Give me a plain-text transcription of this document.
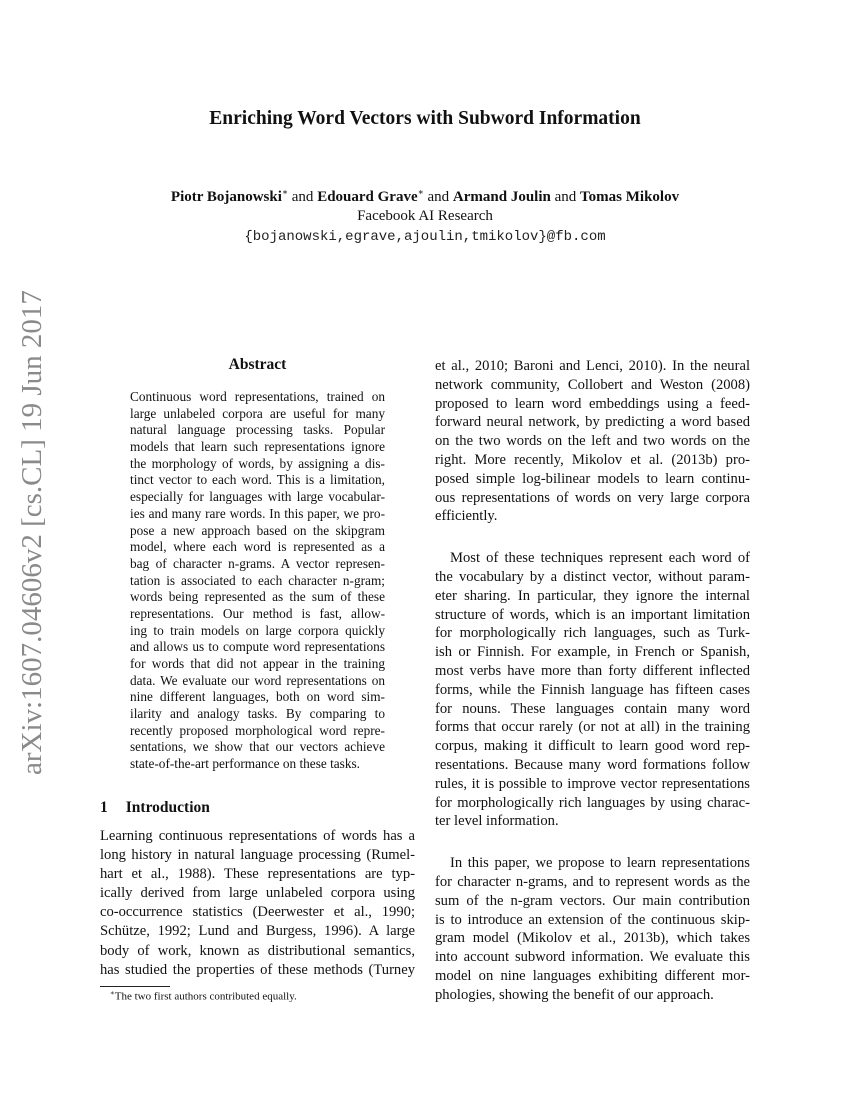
arXiv:1607.04606v2 [cs.CL] 19 Jun 2017
Enriching Word Vectors with Subword Information
Piotr Bojanowski∗ and Edouard Grave∗ and Armand Joulin and Tomas Mikolov
Facebook AI Research
{bojanowski,egrave,ajoulin,tmikolov}@fb.com
Abstract
Continuous word representations, trained on
large unlabeled corpora are useful for many
natural language processing tasks. Popular
models that learn such representations ignore
the morphology of words, by assigning a dis-
tinct vector to each word. This is a limitation,
especially for languages with large vocabular-
ies and many rare words. In this paper, we pro-
pose a new approach based on the skipgram
model, where each word is represented as a
bag of character n-grams. A vector represen-
tation is associated to each character n-gram;
words being represented as the sum of these
representations. Our method is fast, allow-
ing to train models on large corpora quickly
and allows us to compute word representations
for words that did not appear in the training
data. We evaluate our word representations on
nine different languages, both on word sim-
ilarity and analogy tasks. By comparing to
recently proposed morphological word repre-
sentations, we show that our vectors achieve
state-of-the-art performance on these tasks.
1 Introduction
Learning continuous representations of words has a
long history in natural language processing (Rumel-
hart et al., 1988). These representations are typ-
ically derived from large unlabeled corpora using
co-occurrence statistics (Deerwester et al., 1990;
Schütze, 1992; Lund and Burgess, 1996). A large
body of work, known as distributional semantics,
has studied the properties of these methods (Turney
et al., 2010; Baroni and Lenci, 2010). In the neural
network community, Collobert and Weston (2008)
proposed to learn word embeddings using a feed-
forward neural network, by predicting a word based
on the two words on the left and two words on the
right. More recently, Mikolov et al. (2013b) pro-
posed simple log-bilinear models to learn continu-
ous representations of words on very large corpora
efficiently.
Most of these techniques represent each word of
the vocabulary by a distinct vector, without param-
eter sharing. In particular, they ignore the internal
structure of words, which is an important limitation
for morphologically rich languages, such as Turk-
ish or Finnish. For example, in French or Spanish,
most verbs have more than forty different inflected
forms, while the Finnish language has fifteen cases
for nouns. These languages contain many word
forms that occur rarely (or not at all) in the training
corpus, making it difficult to learn good word rep-
resentations. Because many word formations follow
rules, it is possible to improve vector representations
for morphologically rich languages by using charac-
ter level information.
In this paper, we propose to learn representations
for character n-grams, and to represent words as the
sum of the n-gram vectors. Our main contribution
is to introduce an extension of the continuous skip-
gram model (Mikolov et al., 2013b), which takes
into account subword information. We evaluate this
model on nine languages exhibiting different mor-
phologies, showing the benefit of our approach.
∗The two first authors contributed equally.
